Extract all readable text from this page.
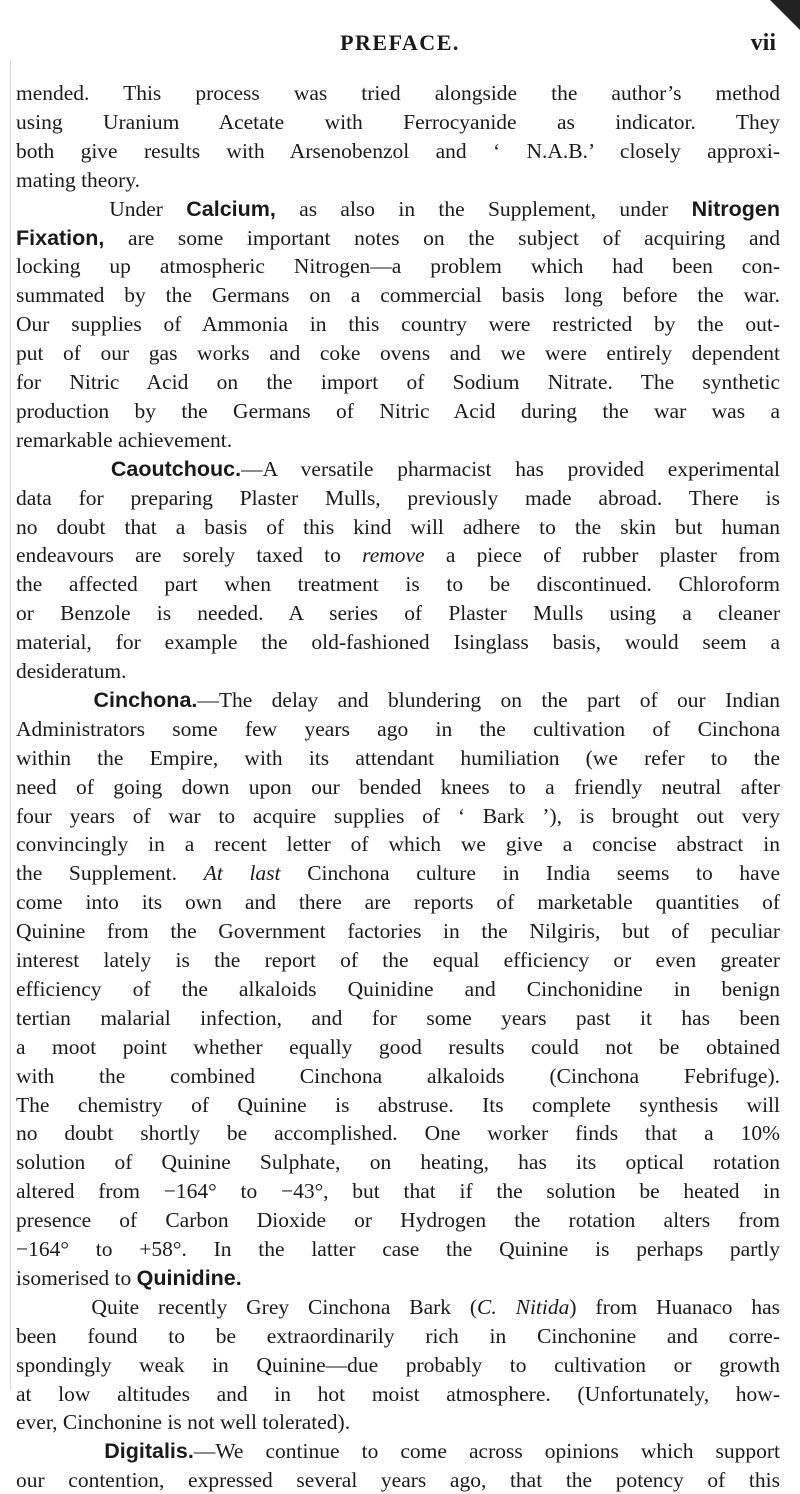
PREFACE.	vii
mended. This process was tried alongside the author’s method
using Uranium Acetate with Ferrocyanide as indicator. They
both give results with Arsenobenzol and ‘ N.A.B.’ closely approxi-
mating theory.
Under Calcium, as also in the Supplement, under Nitrogen
Fixation, are some important notes on the subject of acquiring and
locking up atmospheric Nitrogen—a problem which had been con-
summated by the Germans on a commercial basis long before the war.
Our supplies of Ammonia in this country were restricted by the out-
put of our gas works and coke ovens and we were entirely dependent
for Nitric Acid on the import of Sodium Nitrate. The synthetic
production by the Germans of Nitric Acid during the war was a
remarkable achievement.
Caoutchouc.—A versatile pharmacist has provided experimental
data for preparing Plaster Mulls, previously made abroad. There is
no doubt that a basis of this kind will adhere to the skin but human
endeavours are sorely taxed to remove a piece of rubber plaster from
the affected part when treatment is to be discontinued. Chloroform
or Benzole is needed. A series of Plaster Mulls using a cleaner
material, for example the old-fashioned Isinglass basis, would seem a
desideratum.
Cinchona.—The delay and blundering on the part of our Indian
Administrators some few years ago in the cultivation of Cinchona
within the Empire, with its attendant humiliation (we refer to the
need of going down upon our bended knees to a friendly neutral after
four years of war to acquire supplies of ‘ Bark ’), is brought out very
convincingly in a recent letter of which we give a concise abstract in
the Supplement. At last Cinchona culture in India seems to have
come into its own and there are reports of marketable quantities of
Quinine from the Government factories in the Nilgiris, but of peculiar
interest lately is the report of the equal efficiency or even greater
efficiency of the alkaloids Quinidine and Cinchonidine in benign
tertian malarial infection, and for some years past it has been
a moot point whether equally good results could not be obtained
with the combined Cinchona alkaloids (Cinchona Febrifuge).
The chemistry of Quinine is abstruse. Its complete synthesis will
no doubt shortly be accomplished. One worker finds that a 10%
solution of Quinine Sulphate, on heating, has its optical rotation
altered from −164° to −43°, but that if the solution be heated in
presence of Carbon Dioxide or Hydrogen the rotation alters from
−164° to +58°. In the latter case the Quinine is perhaps partly
isomerised to Quinidine.
Quite recently Grey Cinchona Bark (C. Nitida) from Huanaco has
been found to be extraordinarily rich in Cinchonine and corre-
spondingly weak in Quinine—due probably to cultivation or growth
at low altitudes and in hot moist atmosphere. (Unfortunately, how-
ever, Cinchonine is not well tolerated).
Digitalis.—We continue to come across opinions which support
our contention, expressed several years ago, that the potency of this
